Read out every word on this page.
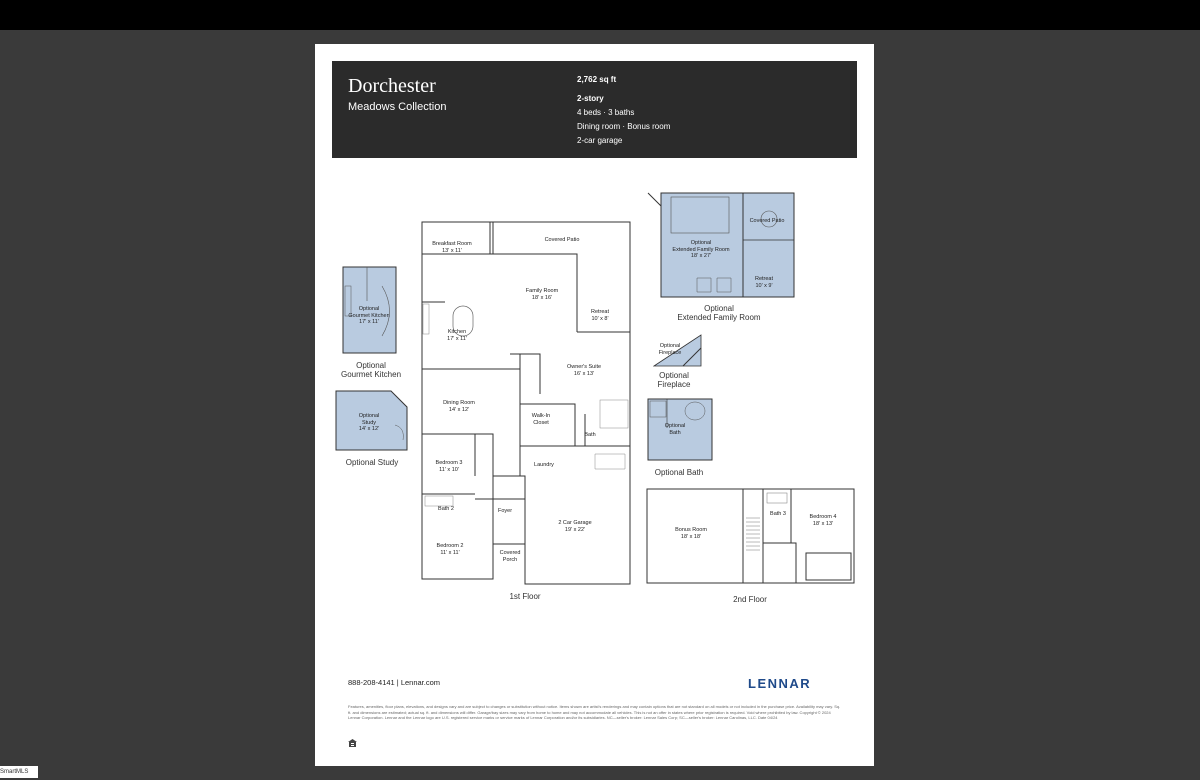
Dorchester
Meadows Collection
2,762 sq ft
2-story
4 beds · 3 baths
Dining room · Bonus room
2-car garage
Breakfast Room
13' x 11'
Covered Patio
Family Room
18' x 16'
Kitchen
17' x 11'
Retreat
10' x 8'
Owner's Suite
16' x 13'
Dining Room
14' x 12'
Walk-In
Closet
Bath
Bedroom 3
11' x 10'
Laundry
Bath 2	Foyer
2 Car Garage
19' x 22'
Bedroom 2
11' x 11'	Covered
Porch
1st Floor
Optional
Gourmet Kitchen
17' x 11'
Optional
Gourmet Kitchen
Optional
Study
14' x 12'
Optional Study
Optional
Extended Family Room
18' x 27'
Covered Patio
Retreat
10' x 9'
Optional
Extended Family Room
Optional
Fireplace
Optional
Fireplace
Optional
Bath
Optional Bath
Bonus Room
18' x 18'
Bath 3	Bedroom 4
18' x 13'
2nd Floor
888-208-4141 | Lennar.com	LENNAR
Features, amenities, floor plans, elevations, and designs vary and are subject to changes or substitution without notice. Items shown are artist's renderings and may contain options that are not standard on all models or not included in the purchase price. Availability may vary. Sq. ft. and dimensions are estimated; actual sq. ft. and dimensions will differ. Garage/bay sizes may vary from home to home and may not accommodate all vehicles. This is not an offer in states where prior registration is required. Void where prohibited by law. Copyright © 2024 Lennar Corporation. Lennar and the Lennar logo are U.S. registered service marks or service marks of Lennar Corporation and/or its subsidiaries. NC—seller's broker: Lennar Sales Corp; SC—seller's broker: Lennar Carolinas, LLC. Date 04/24
SmartMLS
